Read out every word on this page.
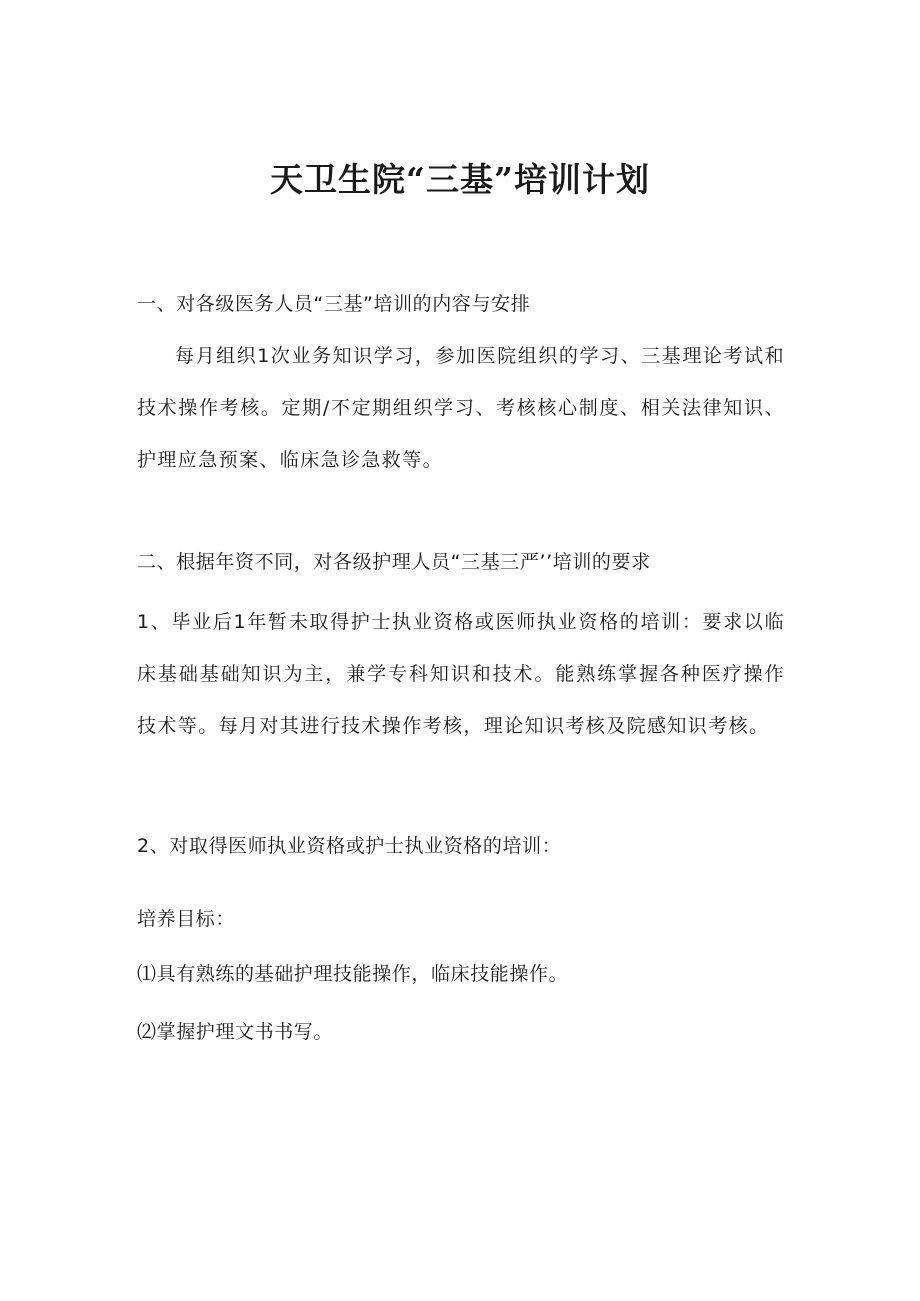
天卫生院“三基”培训计划
一、对各级医务人员“三基”培训的内容与安排
每月组织1次业务知识学习，参加医院组织的学习、三基理论考试和技术操作考核。定期/不定期组织学习、考核核心制度、相关法律知识、护理应急预案、临床急诊急救等。
二、根据年资不同，对各级护理人员“三基三严’’培训的要求
1、毕业后1年暂未取得护士执业资格或医师执业资格的培训：要求以临床基础基础知识为主，兼学专科知识和技术。能熟练掌握各种医疗操作技术等。每月对其进行技术操作考核，理论知识考核及院感知识考核。
2、对取得医师执业资格或护士执业资格的培训：
培养目标：
⑴具有熟练的基础护理技能操作，临床技能操作。
⑵掌握护理文书书写。
